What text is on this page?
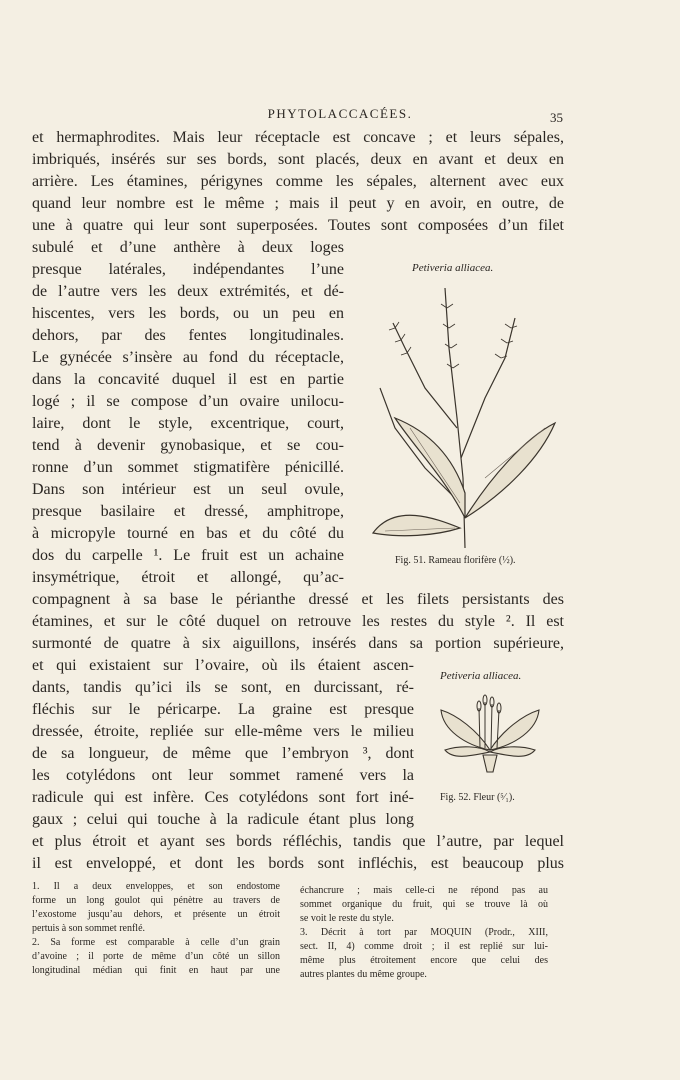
PHYTOLACCACÉES.	35
et hermaphrodites. Mais leur réceptacle est concave ; et leurs sépales,
imbriqués, insérés sur ses bords, sont placés, deux en avant et deux en
arrière. Les étamines, périgynes comme les sépales, alternent avec eux
quand leur nombre est le même ; mais il peut y en avoir, en outre, de
une à quatre qui leur sont superposées. Toutes sont composées d’un filet
subulé et d’une anthère à deux loges
presque latérales, indépendantes l’une
de l’autre vers les deux extrémités, et dé-
hiscentes, vers les bords, ou un peu en
dehors, par des fentes longitudinales.
Le gynécée s’insère au fond du réceptacle,
dans la concavité duquel il est en partie
logé ; il se compose d’un ovaire unilocu-
laire, dont le style, excentrique, court,
tend à devenir gynobasique, et se cou-
ronne d’un sommet stigmatifère pénicillé.
Dans son intérieur est un seul ovule,
presque basilaire et dressé, amphitrope,
à micropyle tourné en bas et du côté du
dos du carpelle ¹. Le fruit est un achaine
insymétrique, étroit et allongé, qu’ac-
compagnent à sa base le périanthe dressé et les filets persistants des
étamines, et sur le côté duquel on retrouve les restes du style ². Il est
surmonté de quatre à six aiguillons, insérés dans sa portion supérieure,
et qui existaient sur l’ovaire, où ils étaient ascen-
dants, tandis qu’ici ils se sont, en durcissant, ré-
fléchis sur le péricarpe. La graine est presque
dressée, étroite, repliée sur elle-même vers le milieu
de sa longueur, de même que l’embryon ³, dont
les cotylédons ont leur sommet ramené vers la
radicule qui est infère. Ces cotylédons sont fort iné-
gaux ; celui qui touche à la radicule étant plus long
et plus étroit et ayant ses bords réfléchis, tandis que l’autre, par lequel
il est enveloppé, et dont les bords sont infléchis, est beaucoup plus
Petiveria alliacea.
Fig. 51. Rameau florifère (½).
Petiveria alliacea.
Fig. 52. Fleur (⁵⁄₁).
1. Il a deux enveloppes, et son endostome
forme un long goulot qui pénètre au travers de
l’exostome jusqu’au dehors, et présente un étroit
pertuis à son sommet renflé.
2. Sa forme est comparable à celle d’un grain
d’avoine ; il porte de même d’un côté un sillon
longitudinal médian qui finit en haut par une
échancrure ; mais celle-ci ne répond pas au
sommet organique du fruit, qui se trouve là où
se voit le reste du style.
3. Décrit à tort par MOQUIN (Prodr., XIII,
sect. II, 4) comme droit ; il est replié sur lui-
même plus étroitement encore que celui des
autres plantes du même groupe.
